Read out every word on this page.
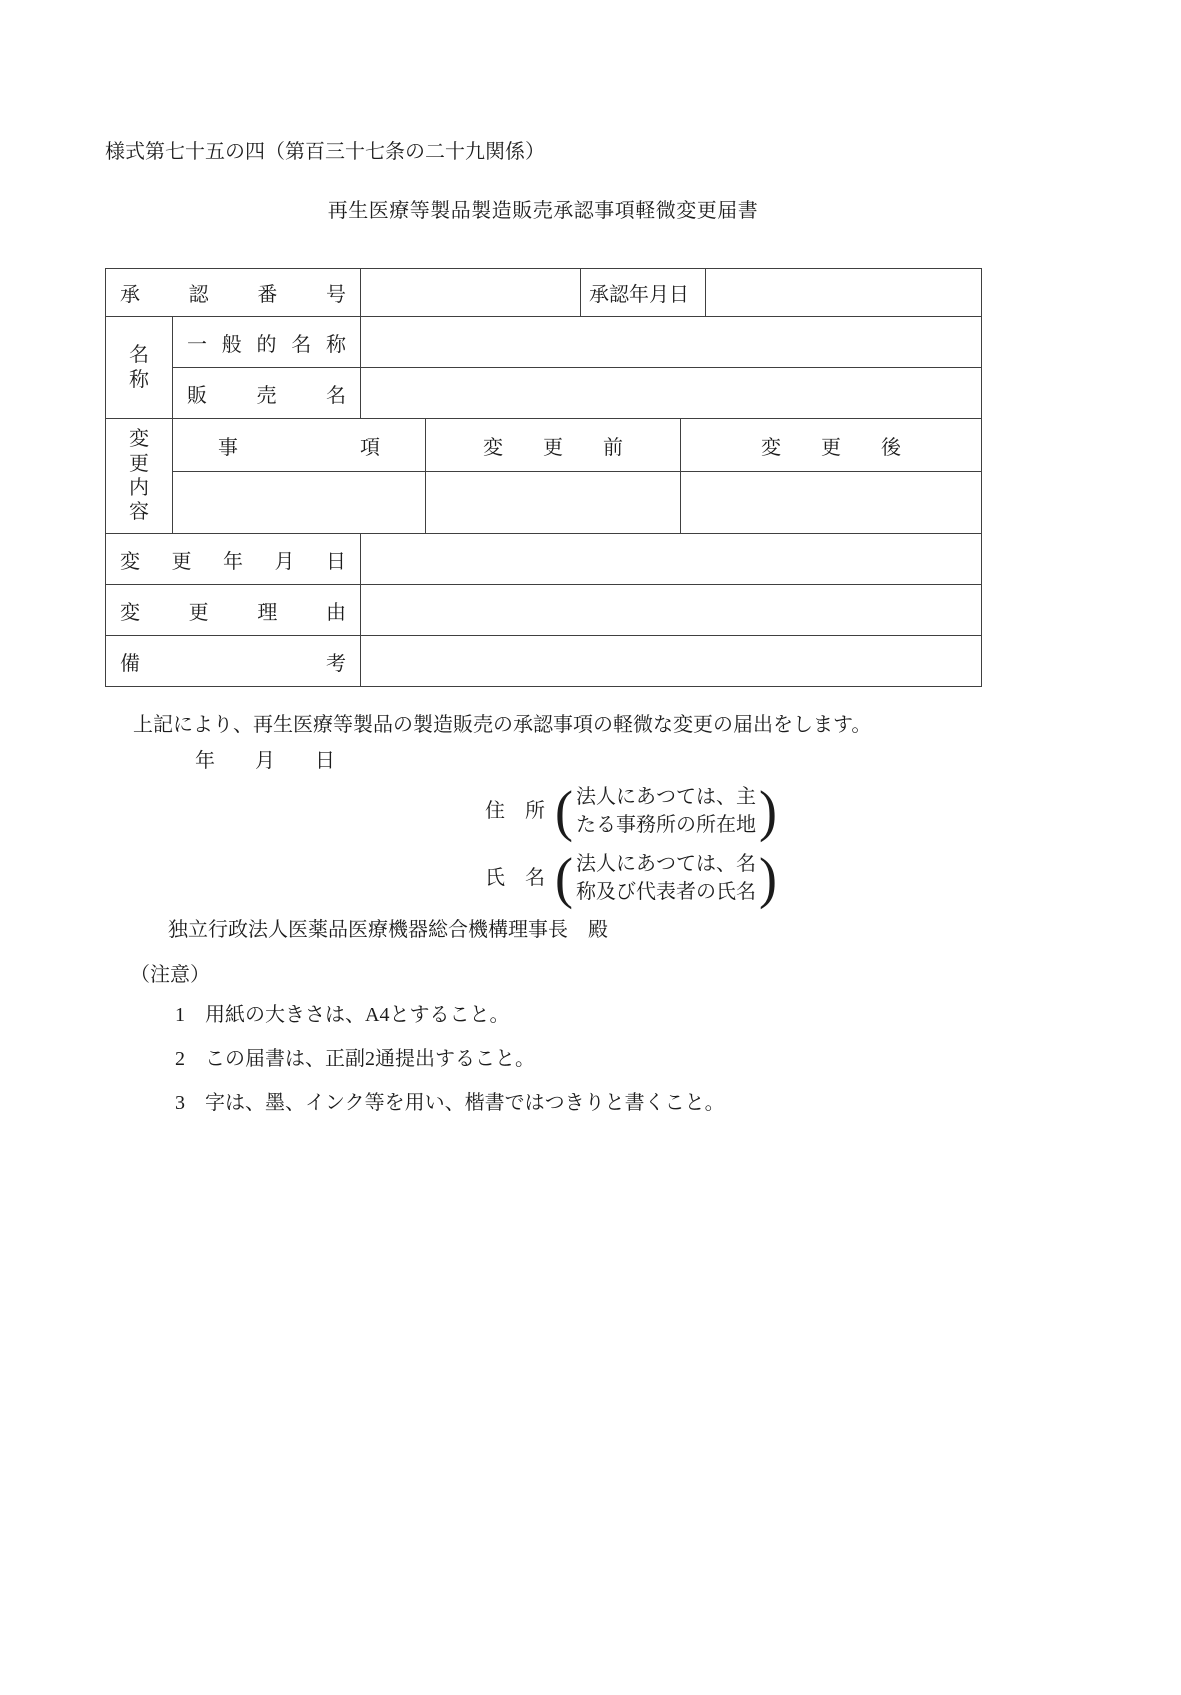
様式第七十五の四（第百三十七条の二十九関係）
再生医療等製品製造販売承認事項軽微変更届書
承認番号				承認年月日		
名称	一般的名称					
	販売名					
変更内容	事項		変　　更　　前		変　　更　　後	

変更年月日						
変更理由						
備考						
上記により、再生医療等製品の製造販売の承認事項の軽微な変更の届出をします。
年　　月　　日
住　所 ( 法人にあつては、主
たる事務所の所在地 )
氏　名 ( 法人にあつては、名
称及び代表者の氏名 )
独立行政法人医薬品医療機器総合機構理事長　殿
（注意）
1　用紙の大きさは、A4とすること。
2　この届書は、正副2通提出すること。
3　字は、墨、インク等を用い、楷書ではつきりと書くこと。
